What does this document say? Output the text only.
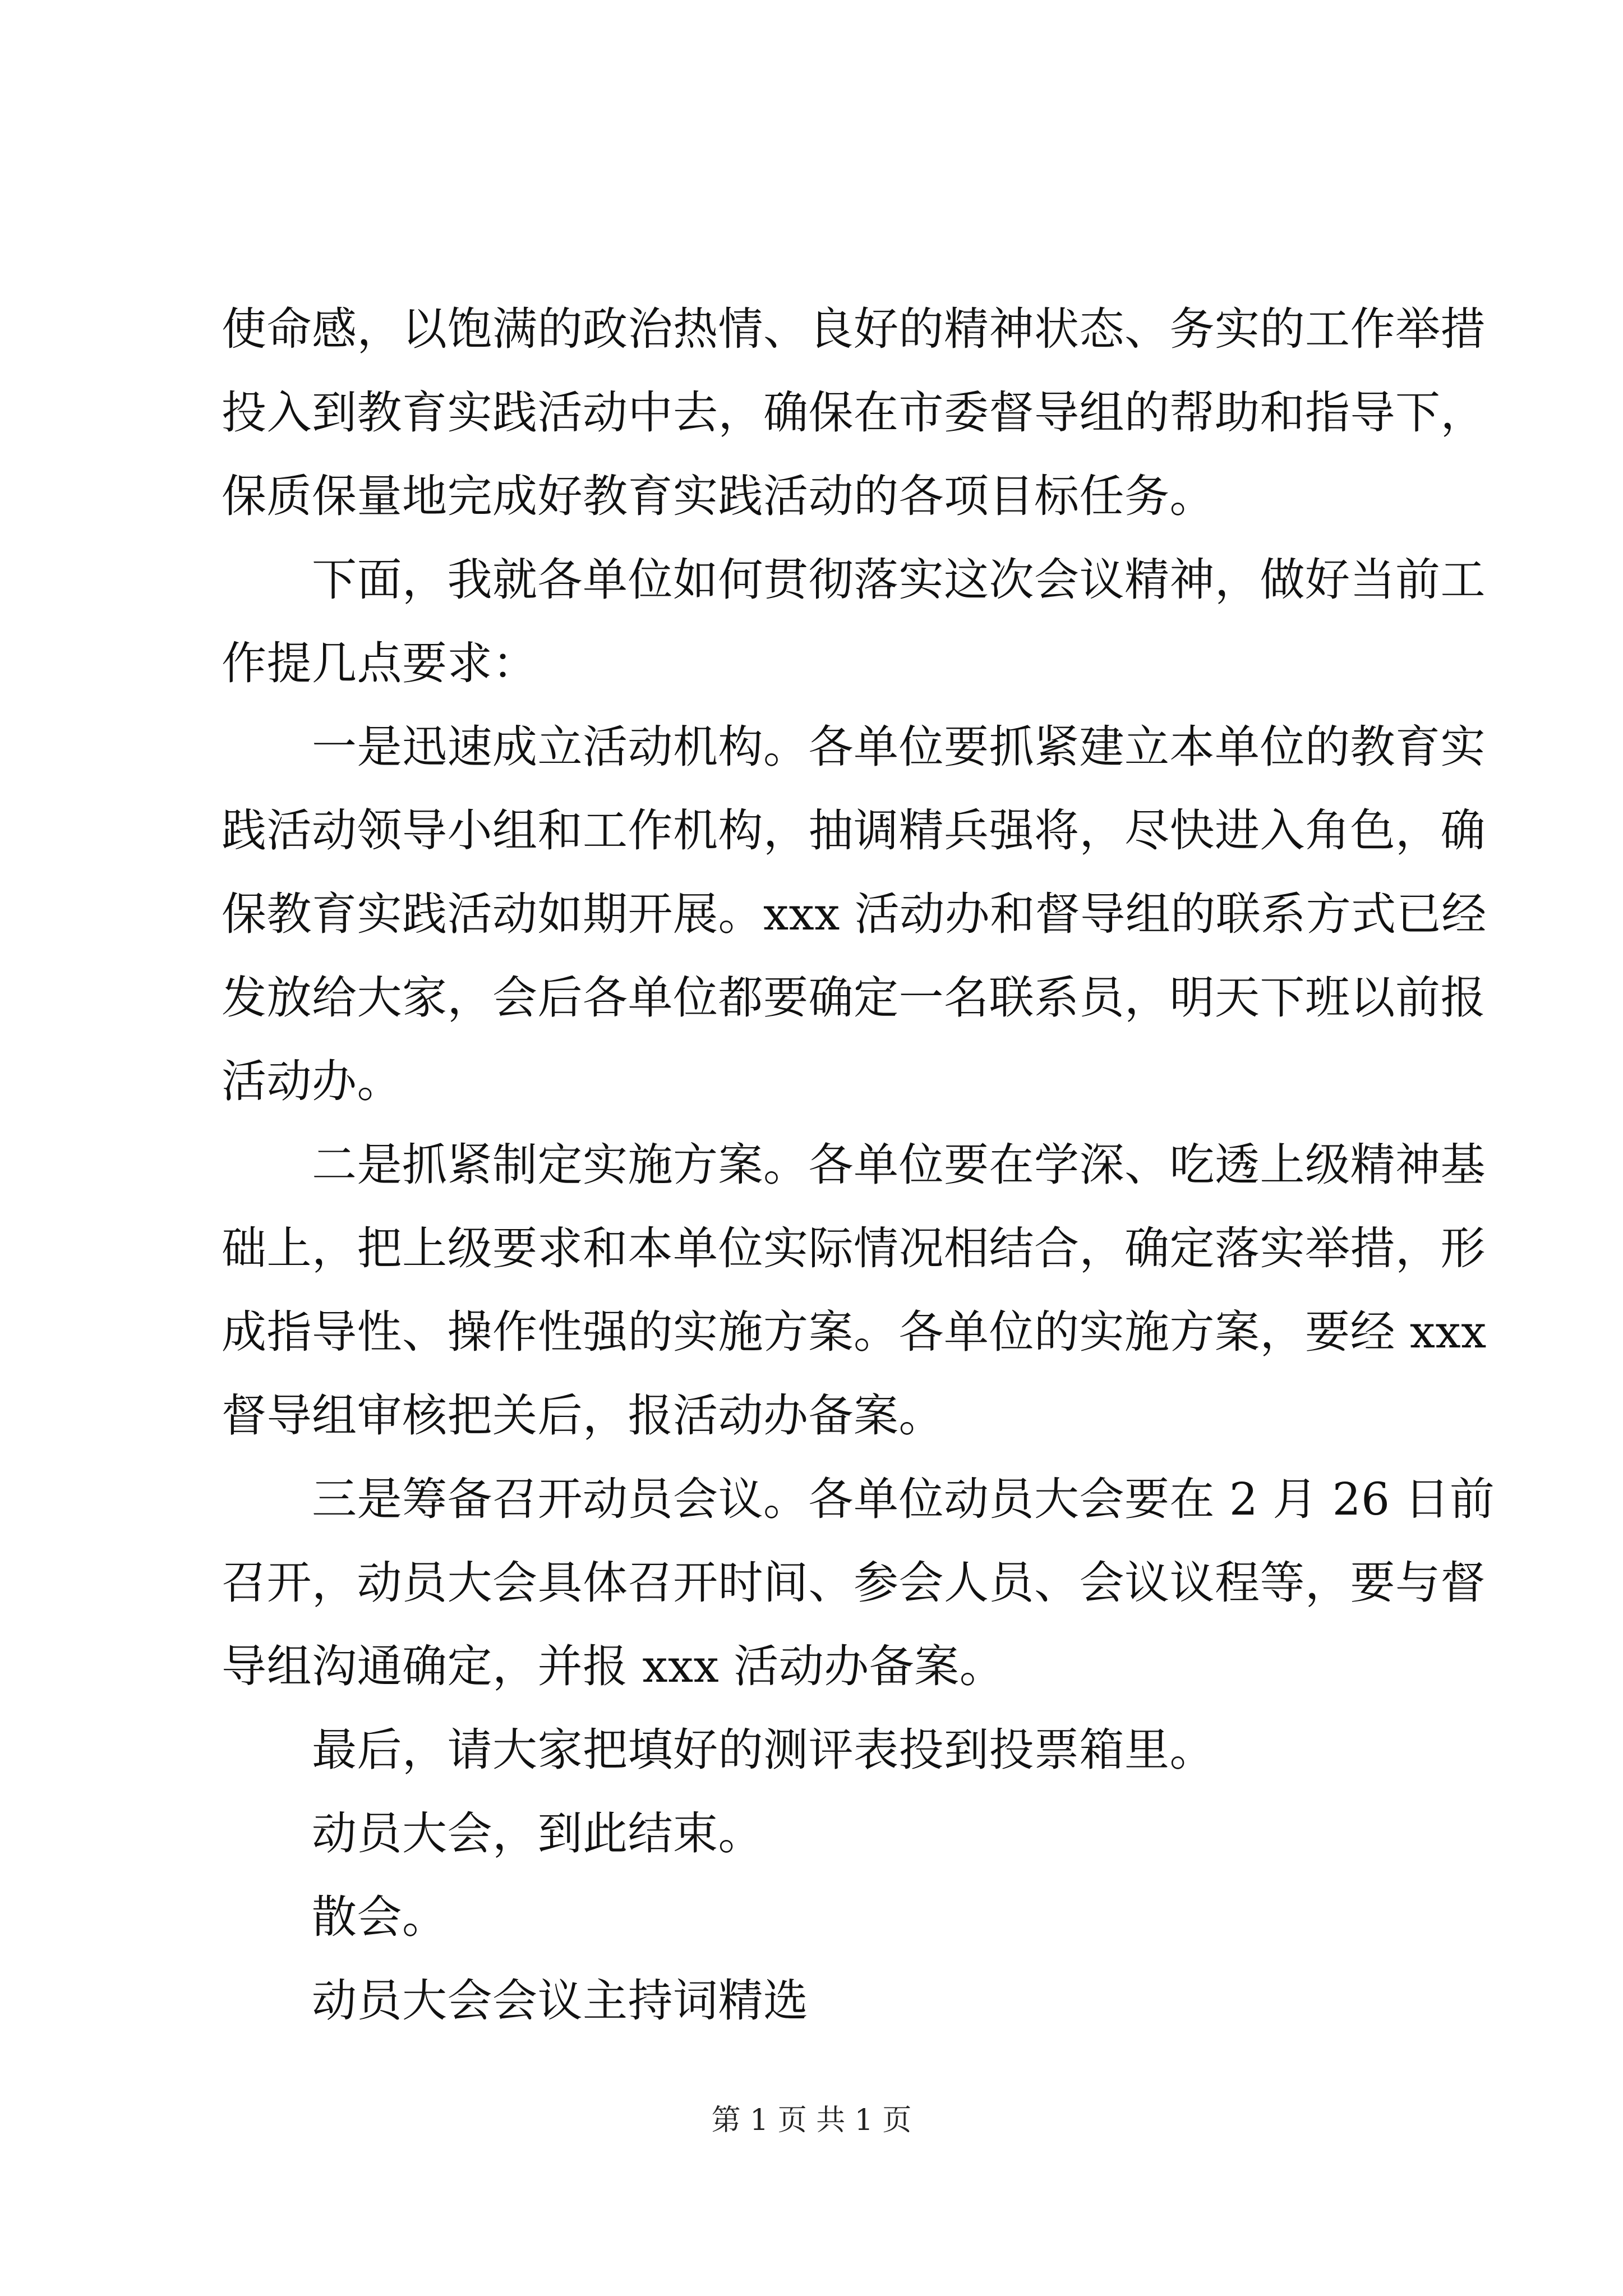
使命感，以饱满的政治热情、良好的精神状态、务实的工作举措
投入到教育实践活动中去，确保在市委督导组的帮助和指导下，
保质保量地完成好教育实践活动的各项目标任务。
　　下面，我就各单位如何贯彻落实这次会议精神，做好当前工
作提几点要求：
　　一是迅速成立活动机构。各单位要抓紧建立本单位的教育实
践活动领导小组和工作机构，抽调精兵强将，尽快进入角色，确
保教育实践活动如期开展。xxx 活动办和督导组的联系方式已经
发放给大家，会后各单位都要确定一名联系员，明天下班以前报
活动办。
　　二是抓紧制定实施方案。各单位要在学深、吃透上级精神基
础上，把上级要求和本单位实际情况相结合，确定落实举措，形
成指导性、操作性强的实施方案。各单位的实施方案，要经 xxx
督导组审核把关后，报活动办备案。
　　三是筹备召开动员会议。各单位动员大会要在 2 月 26 日前
召开，动员大会具体召开时间、参会人员、会议议程等，要与督
导组沟通确定，并报 xxx 活动办备案。
　　最后，请大家把填好的测评表投到投票箱里。
　　动员大会，到此结束。
　　散会。
　　动员大会会议主持词精选
第 1 页 共 1 页
